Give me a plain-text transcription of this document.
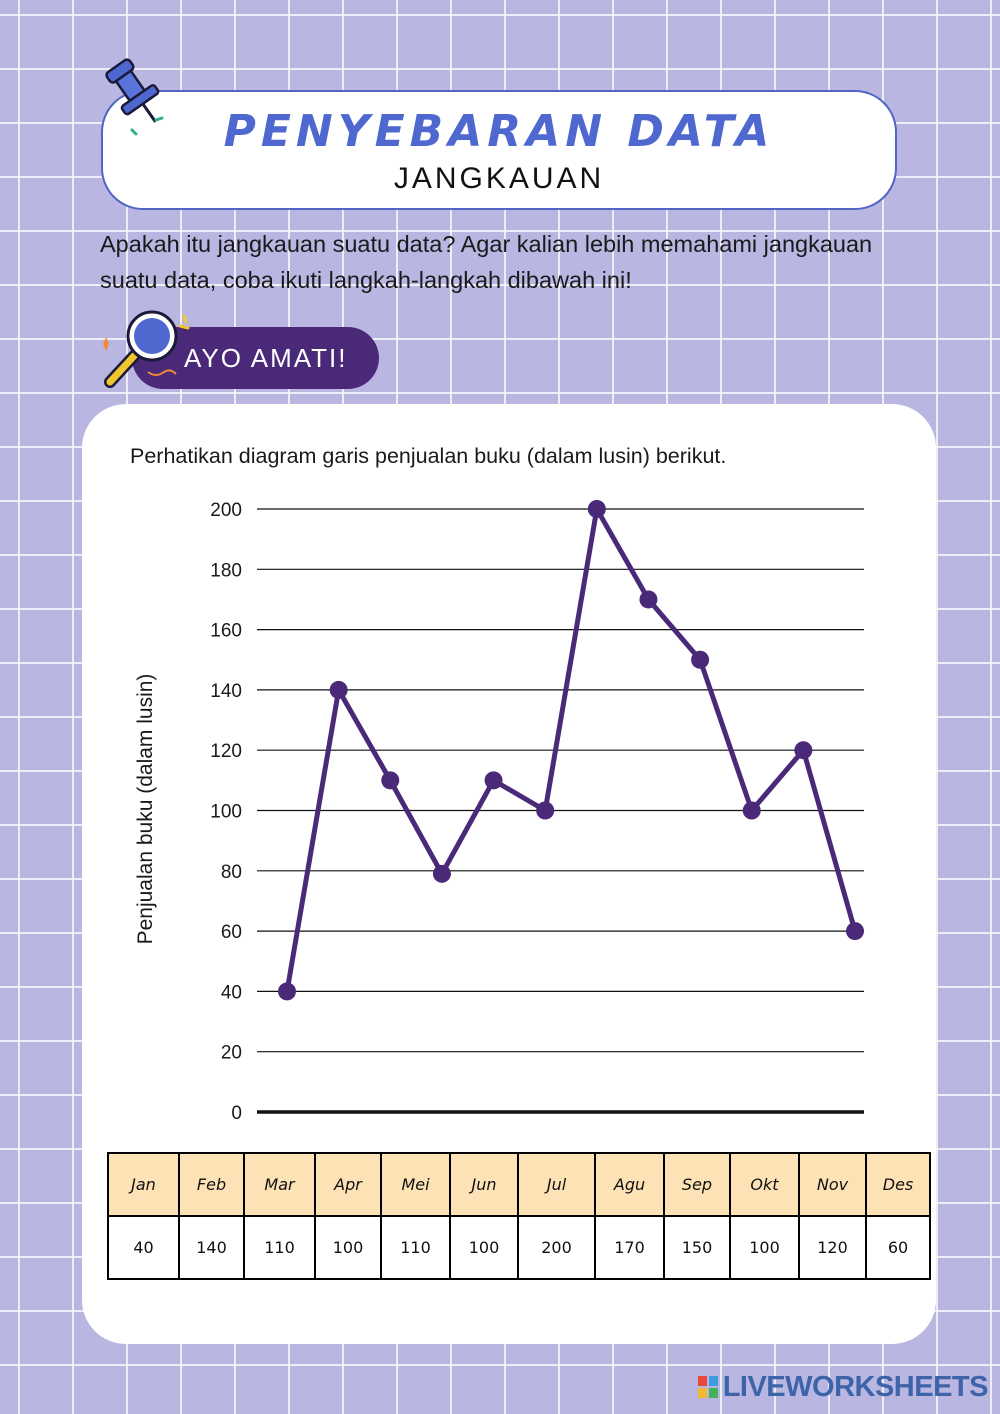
PENYEBARAN DATA
JANGKAUAN

Apakah itu jangkauan suatu data? Agar kalian lebih memahami jangkauan suatu data, coba ikuti langkah-langkah dibawah ini!

AYO AMATI!
Perhatikan diagram garis penjualan buku (dalam lusin) berikut.
0
20
40
60
80
100
120
140
160
180
200
Penjualan buku (dalam lusin)
Jan	Feb	Mar	Apr	Mei	Jun	Jul	Agu	Sep	Okt	Nov	Des
40	140	110	100	110	100	200	170	150	100	120	60
LIVEWORKSHEETS
